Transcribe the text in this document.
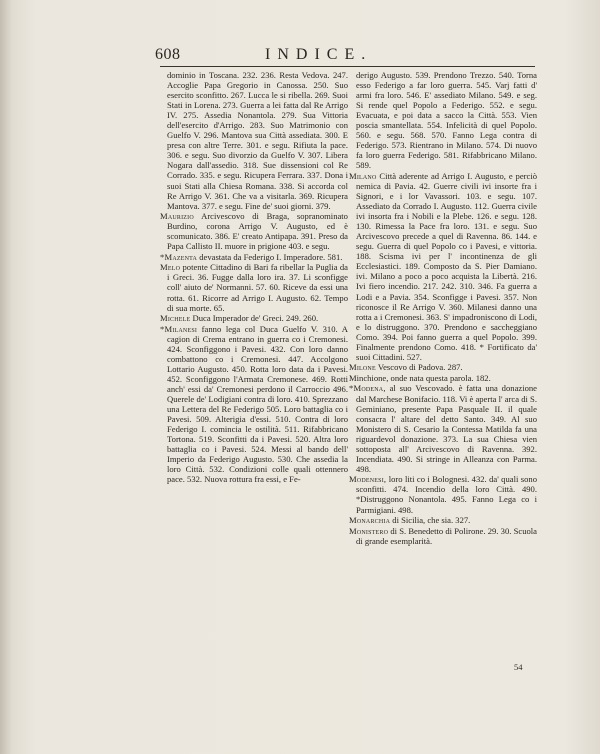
608	INDICE.

dominio in Toscana. 232. 236. Resta Vedova. 247. Accoglie Papa Gregorio in Canossa. 250. Suo esercito sconfitto. 267. Lucca le si ribella. 269. Suoi Stati in Lorena. 273. Guerra a lei fatta dal Re Arrigo IV. 275. Assedia Nonantola. 279. Sua Vittoria dell'esercito d'Arrigo. 283. Suo Matrimonio con Guelfo V. 296. Mantova sua Città assediata. 300. E presa con altre Terre. 301. e segu. Rifiuta la pace. 306. e segu. Suo divorzio da Guelfo V. 307. Libera Nogara dall'assedio. 318. Sue dissensioni col Re Corrado. 335. e segu. Ricupera Ferrara. 337. Dona i suoi Stati alla Chiesa Romana. 338. Si accorda col Re Arrigo V. 361. Che va a visitarla. 369. Ricupera Mantova. 377. e segu. Fine de' suoi giorni. 379.

Maurizio Arcivescovo di Braga, sopranominato Burdino, corona Arrigo V. Augusto, ed è scomunicato. 386. E' creato Antipapa. 391. Preso da Papa Callisto II. muore in prigione 403. e segu.

*Mazenta devastata da Federigo I. Imperadore. 581.

Melo potente Cittadino di Bari fa ribellar la Puglia da i Greci. 36. Fugge dalla loro ira. 37. Li sconfigge coll' aiuto de' Normanni. 57. 60. Riceve da essi una rotta. 61. Ricorre ad Arrigo I. Augusto. 62. Tempo di sua morte. 65.

Michele Duca Imperador de' Greci. 249. 260.

*Milanesi fanno lega col Duca Guelfo V. 310. A cagion di Crema entrano in guerra co i Cremonesi. 424. Sconfiggono i Pavesi. 432. Con loro danno combattono co i Cremonesi. 447. Accolgono Lottario Augusto. 450. Rotta loro data da i Pavesi. 452. Sconfiggono l'Armata Cremonese. 469. Rotti anch' essi da' Cremonesi perdono il Carroccio 496. Querele de' Lodigiani contra di loro. 410. Sprezzano una Lettera del Re Federigo 505. Loro battaglia co i Pavesi. 509. Alterigia d'essi. 510. Contra di loro Federigo I. comincia le ostilità. 511. Rifabbricano Tortona. 519. Sconfitti da i Pavesi. 520. Altra loro battaglia co i Pavesi. 524. Messi al bando dell' Imperio da Federigo Augusto. 530. Che assedia la loro Città. 532. Condizioni colle quali ottennero pace. 532. Nuova rottura fra essi, e Fe-

derigo Augusto. 539. Prendono Trezzo. 540. Torna esso Federigo a far loro guerra. 545. Varj fatti d' armi fra loro. 546. E' assediato Milano. 549. e seg. Si rende quel Popolo a Federigo. 552. e segu. Evacuata, e poi data a sacco la Città. 553. Vien poscia smantellata. 554. Infelicità di quel Popolo. 560. e segu. 568. 570. Fanno Lega contra di Federigo. 573. Rientrano in Milano. 574. Di nuovo fa loro guerra Federigo. 581. Rifabbricano Milano. 589.

Milano Città aderente ad Arrigo I. Augusto, e perciò nemica di Pavia. 42. Guerre civili ivi insorte fra i Signori, e i lor Vavassori. 103. e segu. 107. Assediato da Corrado I. Augusto. 112. Guerra civile ivi insorta fra i Nobili e la Plebe. 126. e segu. 128. 130. Rimessa la Pace fra loro. 131. e segu. Suo Arcivescovo precede a quel di Ravenna. 86. 144. e segu. Guerra di quel Popolo co i Pavesi, e vittoria. 188. Scisma ivi per l' incontinenza de gli Ecclesiastici. 189. Composto da S. Pier Damiano. ivi. Milano a poco a poco acquista la Libertà. 216. Ivi fiero incendio. 217. 242. 310. 346. Fa guerra a Lodi e a Pavia. 354. Sconfigge i Pavesi. 357. Non riconosce il Re Arrigo V. 360. Milanesi danno una rotta a i Cremonesi. 363. S' impadroniscono di Lodi, e lo distruggono. 370. Prendono e saccheggiano Como. 394. Poi fanno guerra a quel Popolo. 399. Finalmente prendono Como. 418. * Fortificato da' suoi Cittadini. 527.

Milone Vescovo di Padova. 287.

Minchione, onde nata questa parola. 182.

*Modena, al suo Vescovado. è fatta una donazione dal Marchese Bonifacio. 118. Vi è aperta l' arca di S. Geminiano, presente Papa Pasquale II. il quale consacra l' altare del detto Santo. 349. Al suo Monistero di S. Cesario la Contessa Matilda fa una riguardevol donazione. 373. La sua Chiesa vien sottoposta all' Arcivescovo di Ravenna. 392. Incendiata. 490. Si stringe in Alleanza con Parma. 498.

Modenesi, loro liti co i Bolognesi. 432. da' quali sono sconfitti. 474. Incendio della loro Città. 490. *Distruggono Nonantola. 495. Fanno Lega co i Parmigiani. 498.

Monarchia di Sicilia, che sia. 327.

Monistero di S. Benedetto di Polirone. 29. 30. Scuola di grande esemplarità.

54
